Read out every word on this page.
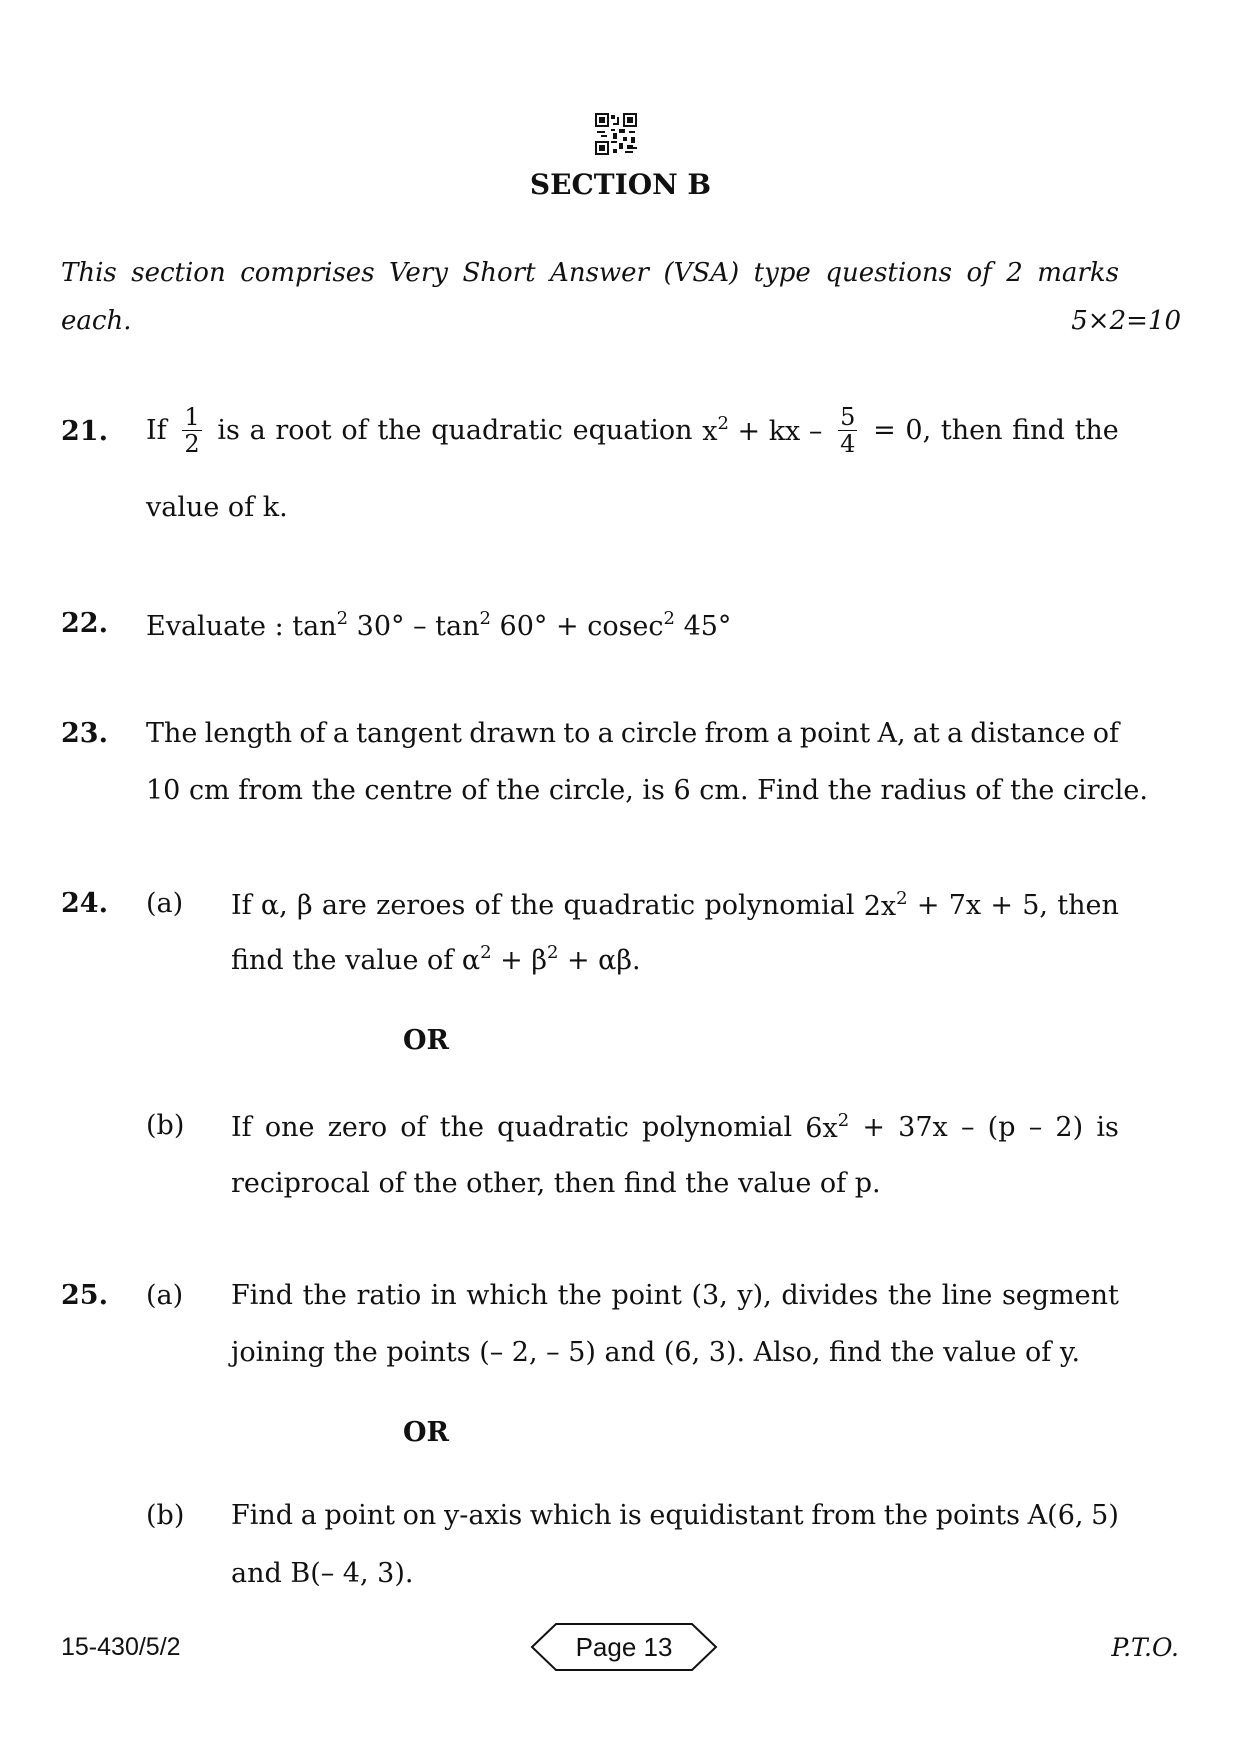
SECTION B
This section comprises Very Short Answer (VSA) type questions of 2 marks
each.	5×2=10
21. If $\frac{1}{2}$ is a root of the quadratic equation $x^2$ + kx – $\frac{5}{4} = 0$, then find the
value of k.
22. Evaluate : $\tan^2 30^\circ - \tan^2 60^\circ + cosec^2$ 45°
23. The length of a tangent drawn to a circle from a point A, at a distance of
10 cm from the centre of the circle, is 6 cm. Find the radius of the circle.
24. (a) If α, β are zeroes of the quadratic polynomial $2x^2 + 7x + 5$, then
find the value of $\alpha^2 + \beta^2 + \alpha\beta$.
OR
(b) If one zero of the quadratic polynomial $6x^2 + 37x - (p - 2)$ is
reciprocal of the other, then find the value of p.
25. (a) Find the ratio in which the point (3, y), divides the line segment
joining the points (– 2, – 5) and (6, 3). Also, find the value of y.
OR
(b) Find a point on y-axis which is equidistant from the points A(6, 5)
and B(– 4, 3).
15-430/5/2	Page 13	P.T.O.
